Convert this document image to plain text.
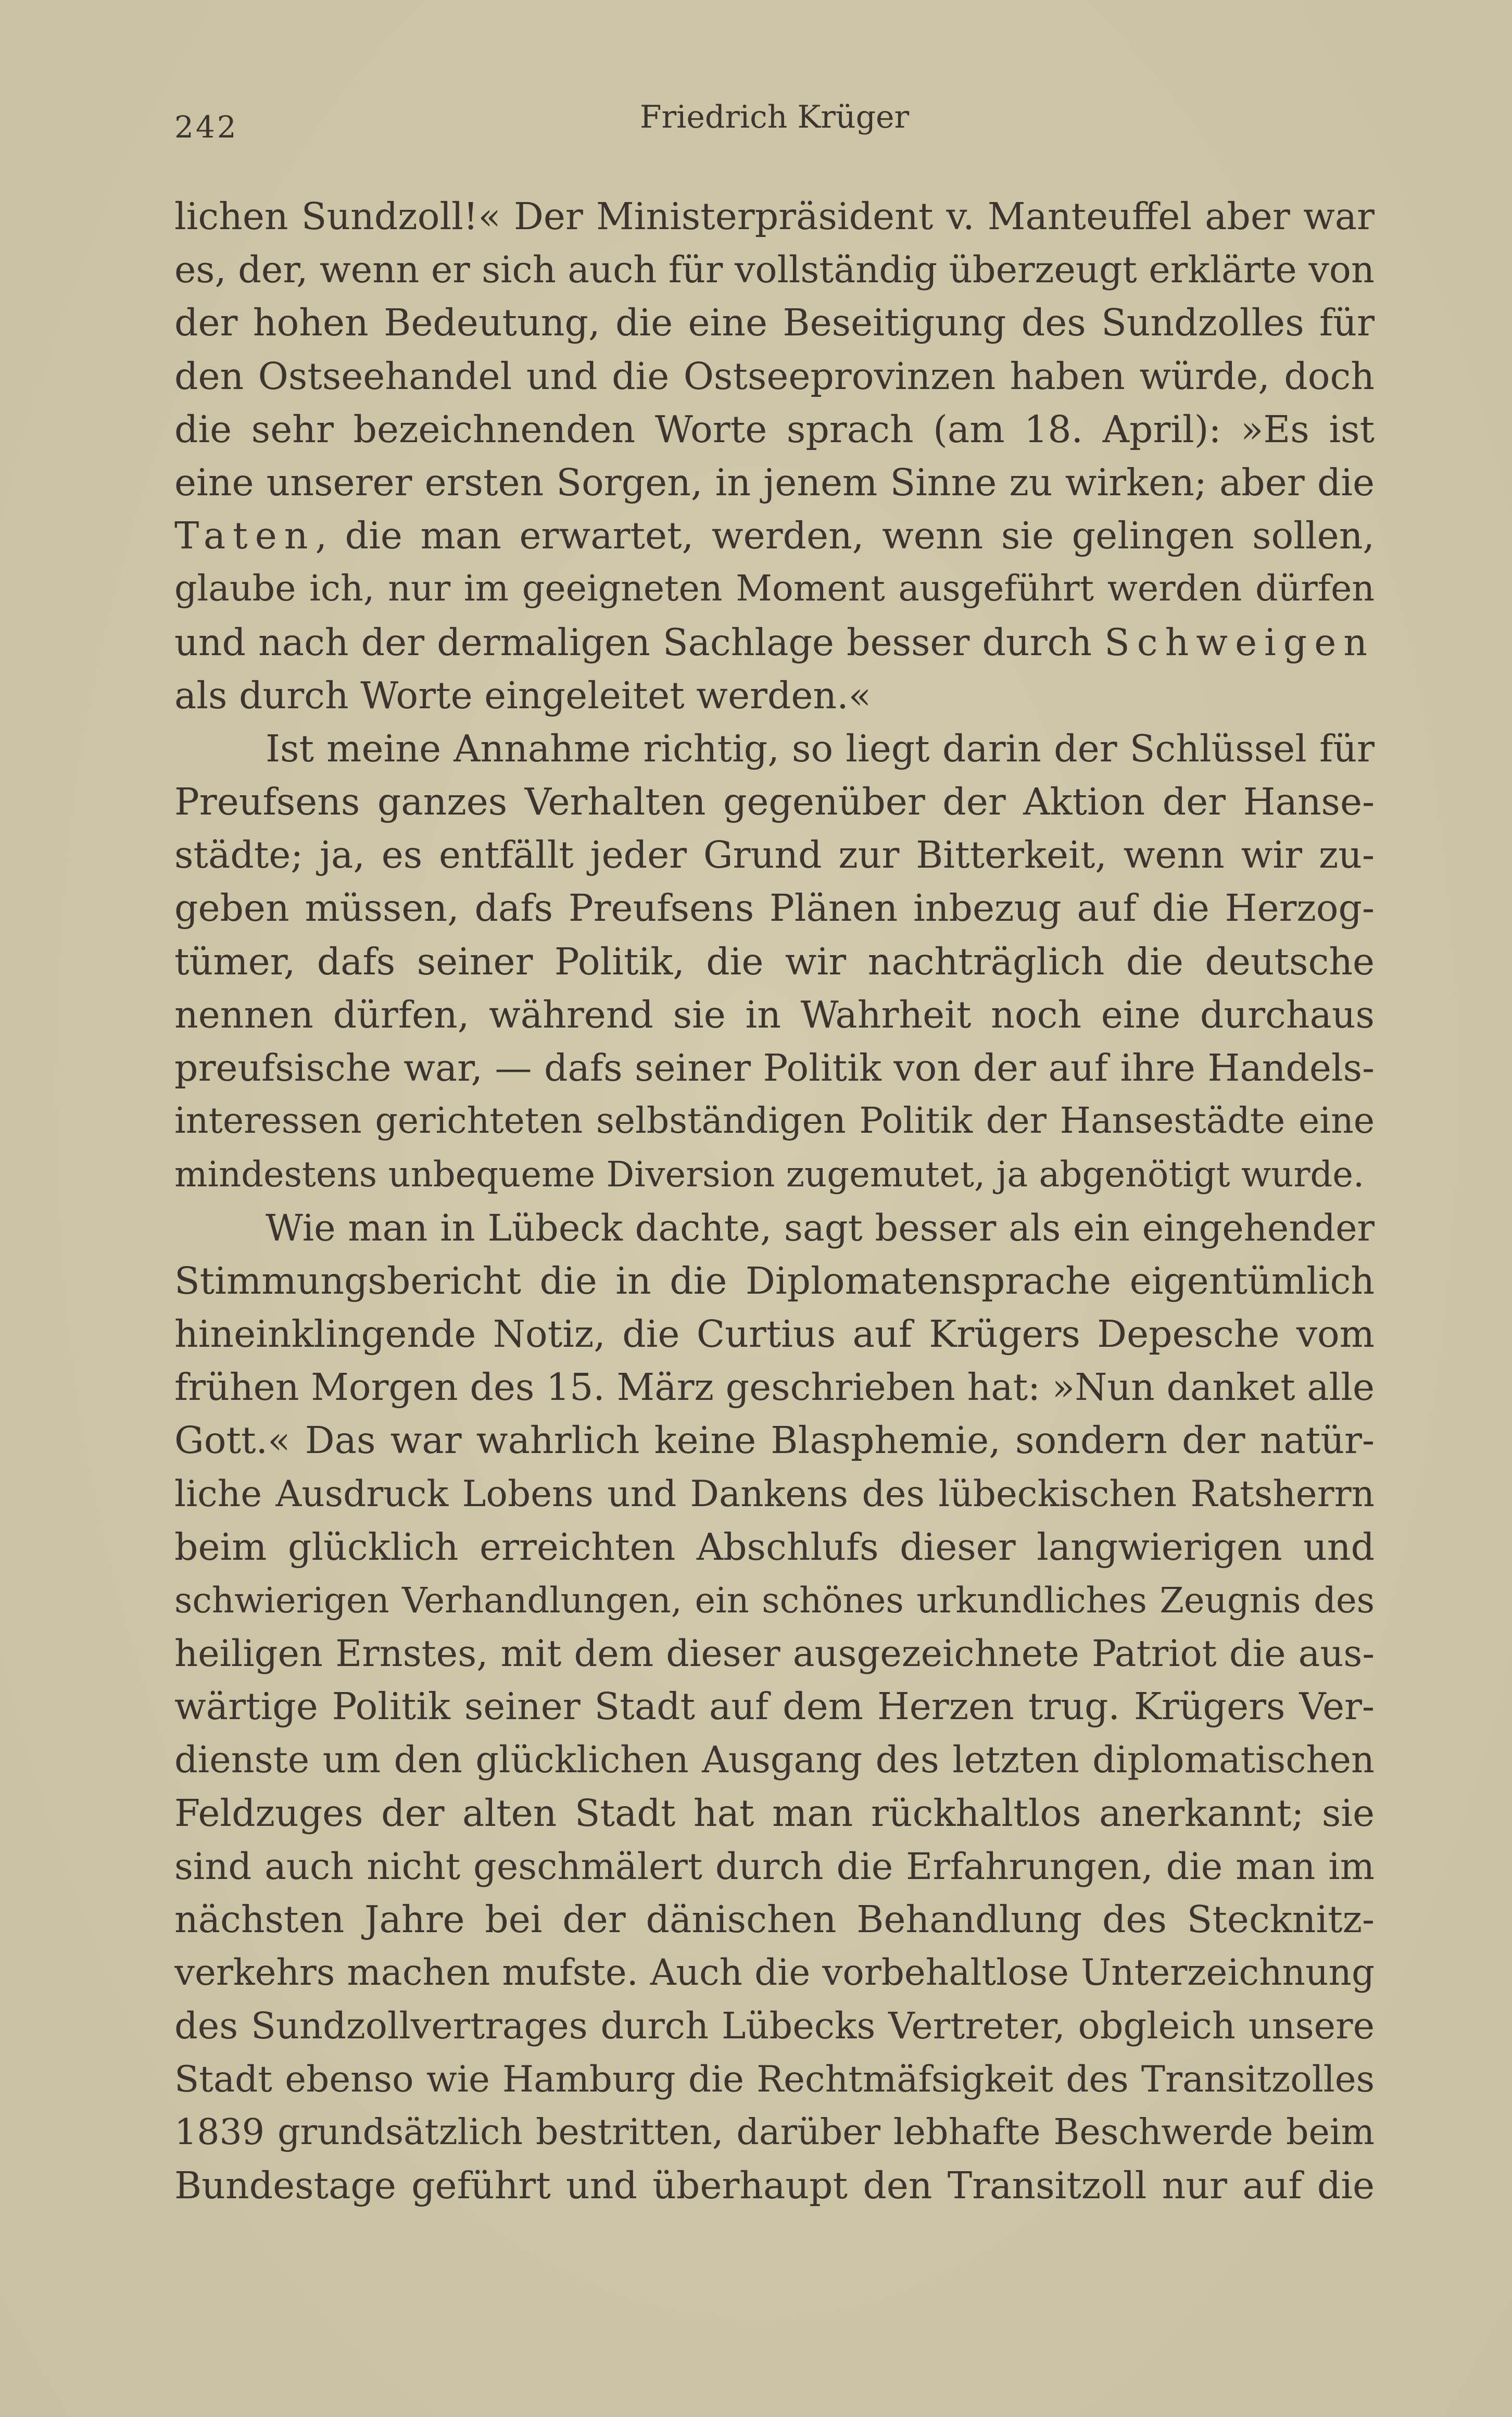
242	Friedrich Krüger
lichen Sundzoll!« Der Ministerpräsident v. Manteuffel aber war
es, der, wenn er sich auch für vollständig überzeugt erklärte von
der hohen Bedeutung, die eine Beseitigung des Sundzolles für
den Ostseehandel und die Ostseeprovinzen haben würde, doch
die sehr bezeichnenden Worte sprach (am 18. April): »Es ist
eine unserer ersten Sorgen, in jenem Sinne zu wirken; aber die
Taten, die man erwartet, werden, wenn sie gelingen sollen,
glaube ich, nur im geeigneten Moment ausgeführt werden dürfen
und nach der dermaligen Sachlage besser durch Schweigen
als durch Worte eingeleitet werden.«
Ist meine Annahme richtig, so liegt darin der Schlüssel für
Preufsens ganzes Verhalten gegenüber der Aktion der Hanse-
städte; ja, es entfällt jeder Grund zur Bitterkeit, wenn wir zu-
geben müssen, dafs Preufsens Plänen inbezug auf die Herzog-
tümer, dafs seiner Politik, die wir nachträglich die deutsche
nennen dürfen, während sie in Wahrheit noch eine durchaus
preufsische war, — dafs seiner Politik von der auf ihre Handels-
interessen gerichteten selbständigen Politik der Hansestädte eine
mindestens unbequeme Diversion zugemutet, ja abgenötigt wurde.
Wie man in Lübeck dachte, sagt besser als ein eingehender
Stimmungsbericht die in die Diplomatensprache eigentümlich
hineinklingende Notiz, die Curtius auf Krügers Depesche vom
frühen Morgen des 15. März geschrieben hat: »Nun danket alle
Gott.« Das war wahrlich keine Blasphemie, sondern der natür-
liche Ausdruck Lobens und Dankens des lübeckischen Ratsherrn
beim glücklich erreichten Abschlufs dieser langwierigen und
schwierigen Verhandlungen, ein schönes urkundliches Zeugnis des
heiligen Ernstes, mit dem dieser ausgezeichnete Patriot die aus-
wärtige Politik seiner Stadt auf dem Herzen trug. Krügers Ver-
dienste um den glücklichen Ausgang des letzten diplomatischen
Feldzuges der alten Stadt hat man rückhaltlos anerkannt; sie
sind auch nicht geschmälert durch die Erfahrungen, die man im
nächsten Jahre bei der dänischen Behandlung des Stecknitz-
verkehrs machen mufste. Auch die vorbehaltlose Unterzeichnung
des Sundzollvertrages durch Lübecks Vertreter, obgleich unsere
Stadt ebenso wie Hamburg die Rechtmäfsigkeit des Transitzolles
1839 grundsätzlich bestritten, darüber lebhafte Beschwerde beim
Bundestage geführt und überhaupt den Transitzoll nur auf die
